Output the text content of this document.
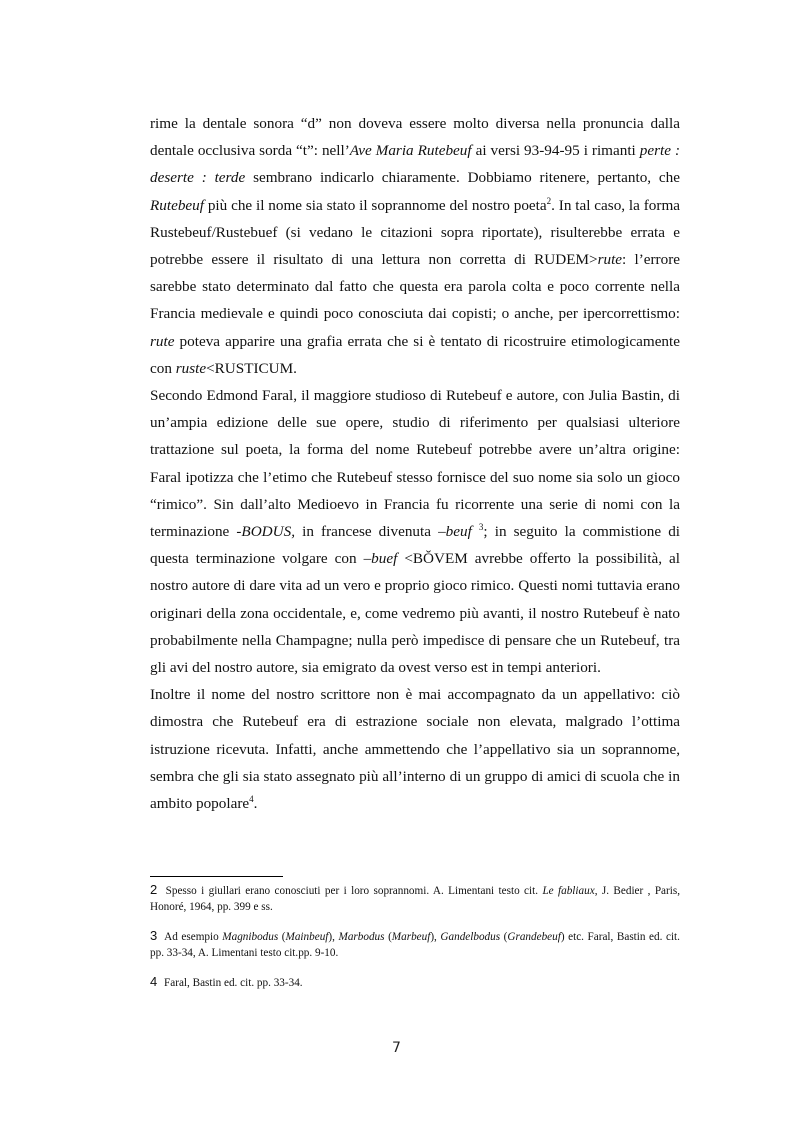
rime la dentale sonora “d” non doveva essere molto diversa nella pronuncia dalla dentale occlusiva sorda “t”: nell’Ave Maria Rutebeuf ai versi 93-94-95 i rimanti perte : deserte : terde sembrano indicarlo chiaramente. Dobbiamo ritenere, pertanto, che Rutebeuf più che il nome sia stato il soprannome del nostro poeta$^2$. In tal caso, la forma Rustebeuf/Rustebuef (si vedano le citazioni sopra riportate), risulterebbe errata e potrebbe essere il risultato di una lettura non corretta di RUDEM>rute: l’errore sarebbe stato determinato dal fatto che questa era parola colta e poco corrente nella Francia medievale e quindi poco conosciuta dai copisti; o anche, per ipercorrettismo: rute poteva apparire una grafia errata che si è tentato di ricostruire etimologicamente con ruste<RUSTICUM.

Secondo Edmond Faral, il maggiore studioso di Rutebeuf e autore, con Julia Bastin, di un’ampia edizione delle sue opere, studio di riferimento per qualsiasi ulteriore trattazione sul poeta, la forma del nome Rutebeuf potrebbe avere un’altra origine: Faral ipotizza che l’etimo che Rutebeuf stesso fornisce del suo nome sia solo un gioco “rimico”. Sin dall’alto Medioevo in Francia fu ricorrente una serie di nomi con la terminazione -BODUS, in francese divenuta –beuf $^3$; in seguito la commistione di questa terminazione volgare con –buef <BŎVEM avrebbe offerto la possibilità, al nostro autore di dare vita ad un vero e proprio gioco rimico. Questi nomi tuttavia erano originari della zona occidentale, e, come vedremo più avanti, il nostro Rutebeuf è nato probabilmente nella Champagne; nulla però impedisce di pensare che un Rutebeuf, tra gli avi del nostro autore, sia emigrato da ovest verso est in tempi anteriori.

Inoltre il nome del nostro scrittore non è mai accompagnato da un appellativo: ciò dimostra che Rutebeuf era di estrazione sociale non elevata, malgrado l’ottima istruzione ricevuta. Infatti, anche ammettendo che l’appellativo sia un soprannome, sembra che gli sia stato assegnato più all’interno di un gruppo di amici di scuola che in ambito popolare$^4$.

2 Spesso i giullari erano conosciuti per i loro soprannomi. A. Limentani testo cit. Le fabliaux, J. Bedier , Paris, Honoré, 1964, pp. 399 e ss.

3 Ad esempio Magnibodus (Mainbeuf), Marbodus (Marbeuf), Gandelbodus (Grandebeuf) etc. Faral, Bastin ed. cit. pp. 33-34, A. Limentani testo cit.pp. 9-10.

4 Faral, Bastin ed. cit. pp. 33-34.

7
